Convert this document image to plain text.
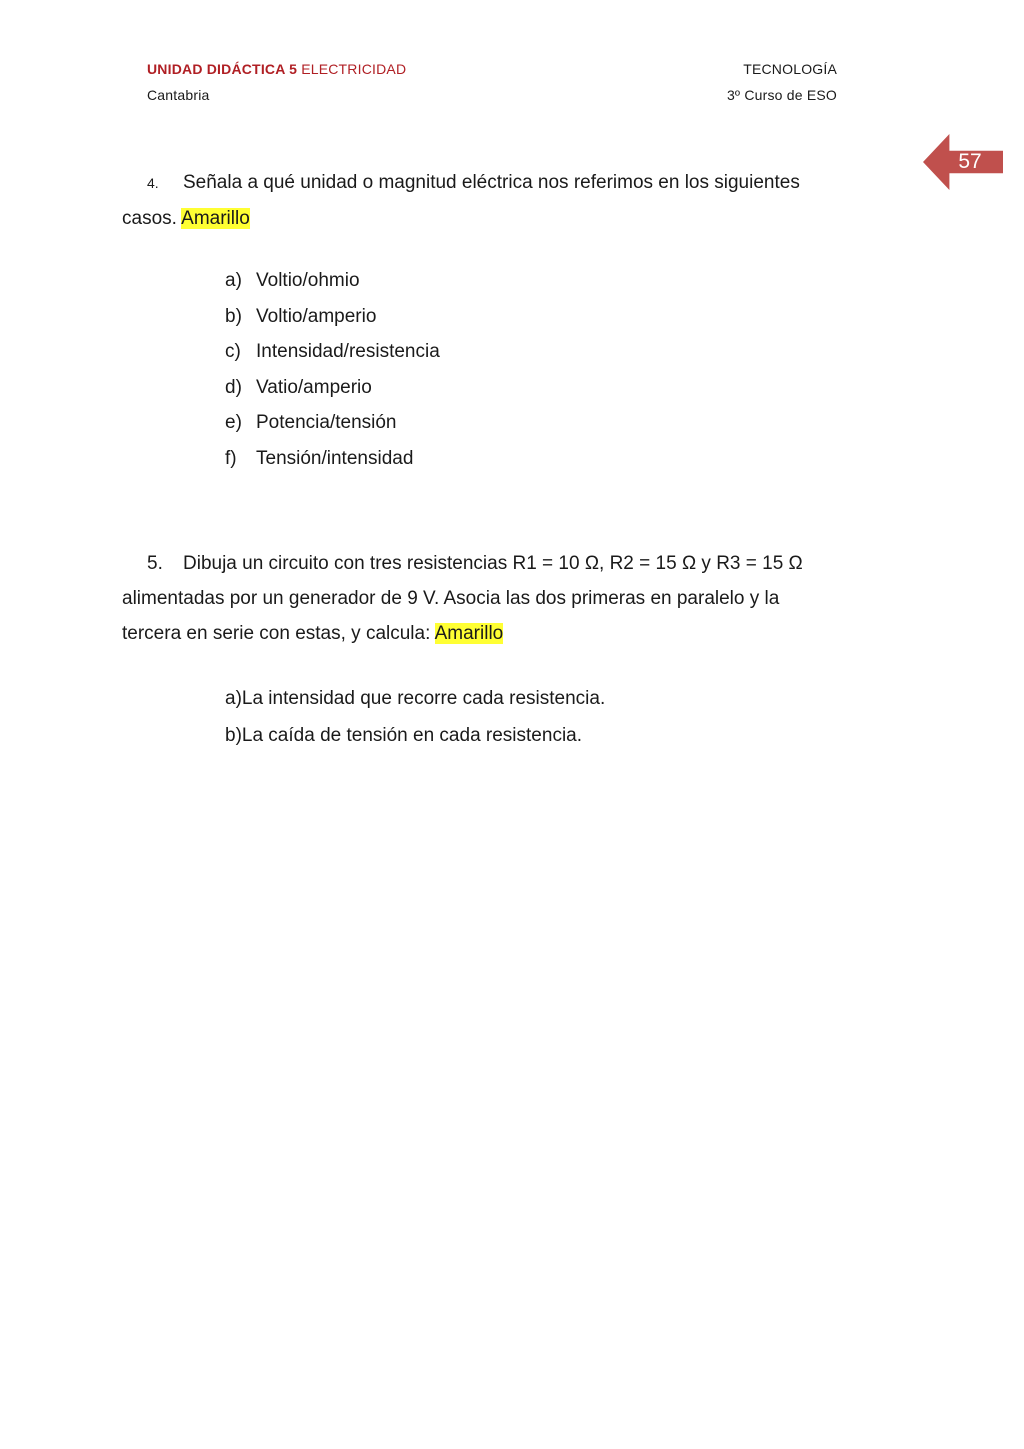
UNIDAD DIDÁCTICA 5 ELECTRICIDAD
Cantabria
TECNOLOGÍA
3º Curso de ESO
57
4. Señala a qué unidad o magnitud eléctrica nos referimos en los siguientes
casos. Amarillo
a) Voltio/ohmio
b) Voltio/amperio
c) Intensidad/resistencia
d) Vatio/amperio
e) Potencia/tensión
f) Tensión/intensidad
5. Dibuja un circuito con tres resistencias R1 = 10 Ω, R2 = 15 Ω y R3 = 15 Ω
alimentadas por un generador de 9 V. Asocia las dos primeras en paralelo y la
tercera en serie con estas, y calcula: Amarillo
a)La intensidad que recorre cada resistencia.
b)La caída de tensión en cada resistencia.
